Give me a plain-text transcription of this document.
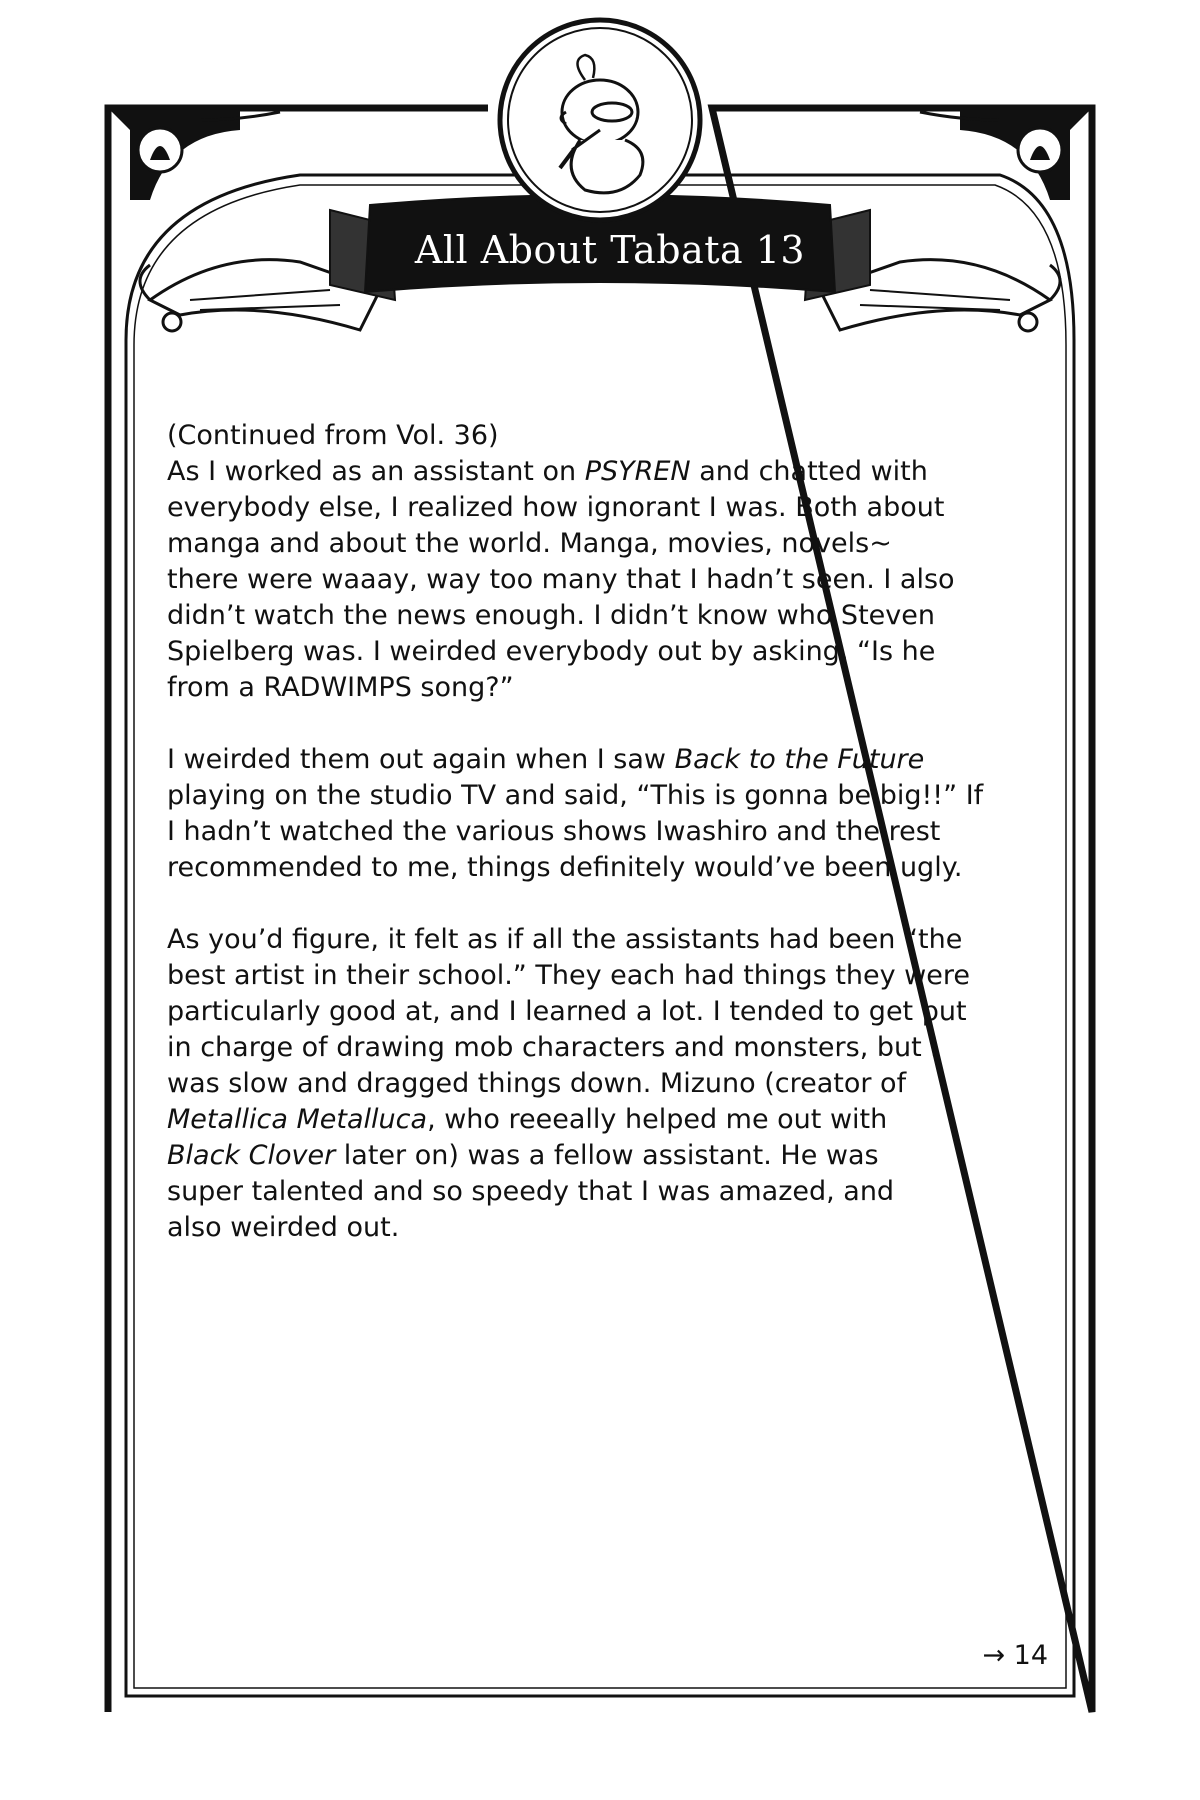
All About Tabata 13

(Continued from Vol. 36)
As I worked as an assistant on PSYREN and chatted with
everybody else, I realized how ignorant I was. Both about
manga and about the world. Manga, movies, novels~
there were waaay, way too many that I hadn’t seen. I also
didn’t watch the news enough. I didn’t know who Steven
Spielberg was. I weirded everybody out by asking, “Is he
from a RADWIMPS song?”

I weirded them out again when I saw Back to the Future
playing on the studio TV and said, “This is gonna be big!!” If
I hadn’t watched the various shows Iwashiro and the rest
recommended to me, things definitely would’ve been ugly.

As you’d figure, it felt as if all the assistants had been “the
best artist in their school.” They each had things they were
particularly good at, and I learned a lot. I tended to get put
in charge of drawing mob characters and monsters, but I
was slow and dragged things down. Mizuno (creator of
Metallica Metalluca, who reeeally helped me out with
Black Clover later on) was a fellow assistant. He was
super talented and so speedy that I was amazed, and
also weirded out.

→ 14
